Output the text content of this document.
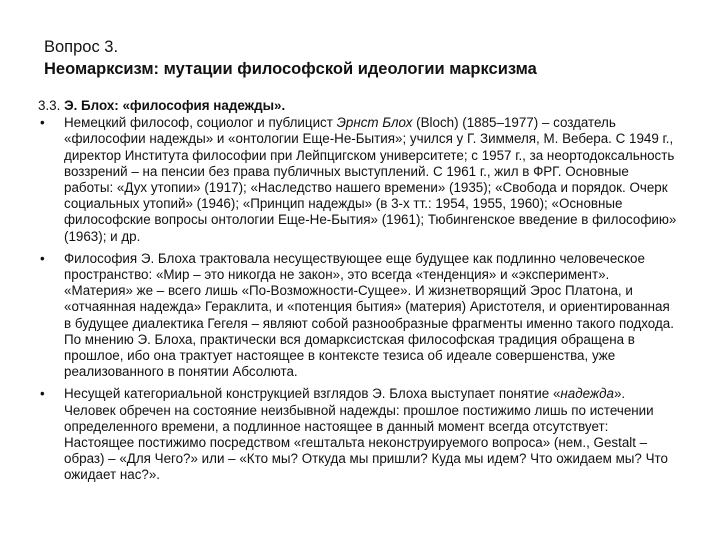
Вопрос 3.
Неомарксизм: мутации философской идеологии марксизма
3.3. Э. Блох: «философия надежды».
•	Немецкий философ, социолог и публицист Эрнст Блох (Bloch) (1885–1977) – создатель «философии надежды» и «онтологии Еще-Не-Бытия»; учился у Г. Зиммеля, М. Вебера. С 1949 г., директор Института философии при Лейпцигском университете; с 1957 г., за неортодоксальность воззрений – на пенсии без права публичных выступлений. С 1961 г., жил в ФРГ. Основные работы: «Дух утопии» (1917); «Наследство нашего времени» (1935); «Свобода и порядок. Очерк социальных утопий» (1946); «Принцип надежды» (в 3-х тт.: 1954, 1955, 1960); «Основные философские вопросы онтологии Еще-Не-Бытия» (1961); Тюбингенское введение в философию» (1963); и др.

•	Философия Э. Блоха трактовала несуществующее еще будущее как подлинно человеческое пространство: «Мир – это никогда не закон», это всегда «тенденция» и «эксперимент». «Материя» же – всего лишь «По-Возможности-Сущее». И жизнетворящий Эрос Платона, и «отчаянная надежда» Гераклита, и «потенция бытия» (материя) Аристотеля, и ориентированная в будущее диалектика Гегеля – являют собой разнообразные фрагменты именно такого подхода. По мнению Э. Блоха, практически вся домарксистская философская традиция обращена в прошлое, ибо она трактует настоящее в контексте тезиса об идеале совершенства, уже реализованного в понятии Абсолюта.

•	Несущей категориальной конструкцией взглядов Э. Блоха выступает понятие «надежда». Человек обречен на состояние неизбывной надежды: прошлое постижимо лишь по истечении определенного времени, а подлинное настоящее в данный момент всегда отсутствует: Настоящее постижимо посредством «гештальта неконструируемого вопроса» (нем., Gestalt – образ) – «Для Чего?» или – «Кто мы? Откуда мы пришли? Куда мы идем? Что ожидаем мы? Что ожидает нас?».
